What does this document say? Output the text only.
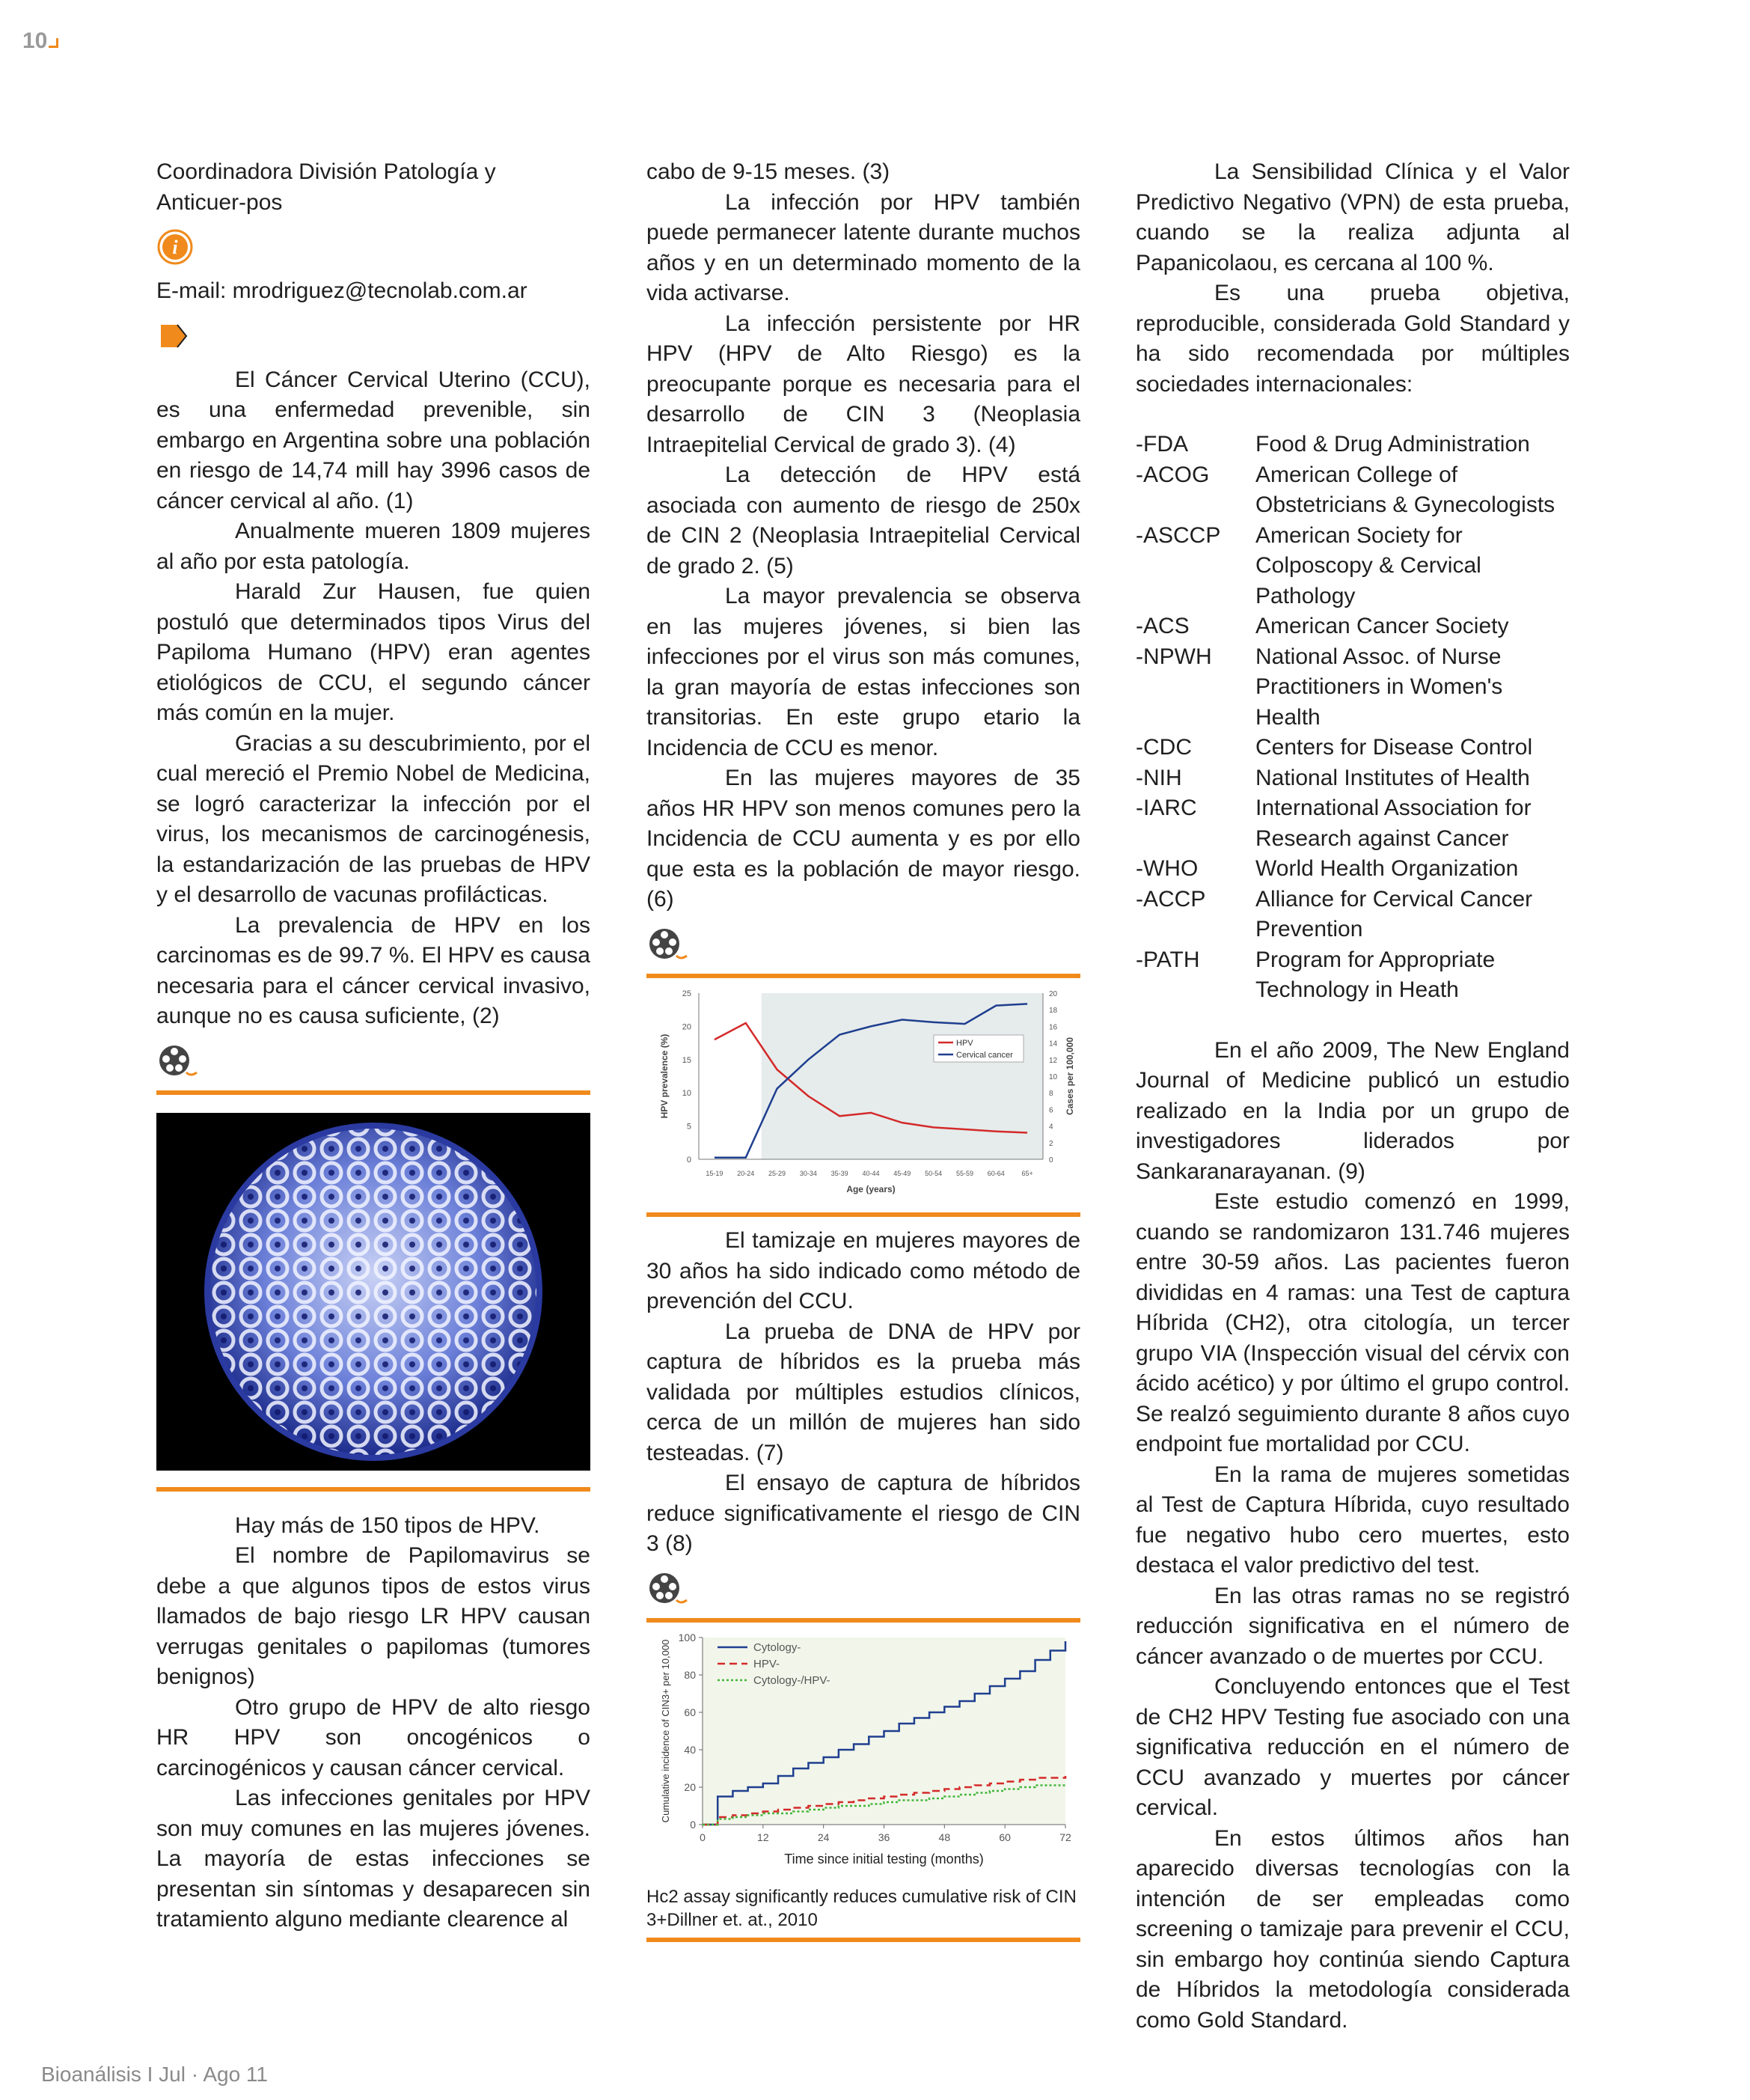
10

Coordinadora División Patología y Anticuer-pos

i

E-mail: mrodriguez@tecnolab.com.ar

El Cáncer Cervical Uterino (CCU), es una enfermedad prevenible, sin embargo en Argentina sobre una población en riesgo de 14,74 mill hay 3996 casos de cáncer cervical al año. (1)

Anualmente mueren 1809 mujeres al año por esta patología.

Harald Zur Hausen, fue quien postuló que determinados tipos Virus del Papiloma Humano (HPV) eran agentes etiológicos de CCU, el segundo cáncer más común en la mujer.

Gracias a su descubrimiento, por el cual mereció el Premio Nobel de Medicina, se logró caracterizar la infección por el virus, los mecanismos de carcinogénesis, la estandarización de las pruebas de HPV y el desarrollo de vacunas profilácticas.

La prevalencia de HPV en los carcinomas es de 99.7 %. El HPV es causa necesaria para el cáncer cervical invasivo, aunque no es causa suficiente, (2)

Hay más de 150 tipos de HPV.

El nombre de Papilomavirus se debe a que algunos tipos de estos virus llamados de bajo riesgo LR HPV causan verrugas genitales o papilomas (tumores benignos)

Otro grupo de HPV de alto riesgo HR HPV son oncogénicos o carcinogénicos y causan cáncer cervical.

Las infecciones genitales por HPV son muy comunes en las mujeres jóvenes. La mayoría de estas infecciones se presentan sin síntomas y desaparecen sin tratamiento alguno mediante clearence al

cabo de 9-15 meses. (3)

La infección por HPV también puede permanecer latente durante muchos años y en un determinado momento de la vida activarse.

La infección persistente por HR HPV (HPV de Alto Riesgo) es la preocupante porque es necesaria para el desarrollo de CIN 3 (Neoplasia Intraepitelial Cervical de grado 3). (4)

La detección de HPV está asociada con aumento de riesgo de 250x de CIN 2 (Neoplasia Intraepitelial Cervical de grado 2. (5)

La mayor prevalencia se observa en las mujeres jóvenes, si bien las infecciones por el virus son más comunes, la gran mayoría de estas infecciones son transitorias. En este grupo etario la Incidencia de CCU es menor.

En las mujeres mayores de 35 años HR HPV son menos comunes pero la Incidencia de CCU aumenta y es por ello que esta es la población de mayor riesgo. (6)

0
5
10
15
20
25
0
2
4
6
8
10
12
14
16
18
20
15-19 20-24 25-29 30-34 35-39 40-44 45-49 50-54 55-59 60-64	65+
Age (years)
HPV prevalence (%)	Cases per 100,000
HPV
Cervical cancer

El tamizaje en mujeres mayores de 30 años ha sido indicado como método de prevención del CCU.

La prueba de DNA de HPV por captura de híbridos es la prueba más validada por múltiples estudios clínicos, cerca de un millón de mujeres han sido testeadas. (7)

El ensayo de captura de híbridos reduce significativamente el riesgo de CIN 3 (8)

0
20
40
60
80
100
0	12	24	36	48	60	72
Time since initial testing (months)
Cumulative incidence of CIN3+ per 10,000	Cytology-
HPV-
Cytology-/HPV-

Hc2 assay significantly reduces cumulative risk of CIN 3+Dillner et. at., 2010

La Sensibilidad Clínica y el Valor Predictivo Negativo (VPN) de esta prueba, cuando se la realiza adjunta al Papanicolaou, es cercana al 100 %.

Es una prueba objetiva, reproducible, considerada Gold Standard y ha sido recomendada por múltiples sociedades internacionales:

-FDA	Food & Drug Administration
-ACOG	American College of Obstetricians & Gynecologists
-ASCCP	American Society for Colposcopy & Cervical Pathology
-ACS	American Cancer Society
-NPWH	National Assoc. of Nurse Practitioners in Women's Health
-CDC	Centers for Disease Control
-NIH	National Institutes of Health
-IARC	International Association for Research against Cancer
-WHO	World Health Organization
-ACCP	Alliance for Cervical Cancer Prevention
-PATH	Program for Appropriate Technology in Heath

En el año 2009, The New England Journal of Medicine publicó un estudio realizado en la India por un grupo de investigadores liderados por Sankaranarayanan. (9)

Este estudio comenzó en 1999, cuando se randomizaron 131.746 mujeres entre 30-59 años. Las pacientes fueron divididas en 4 ramas: una Test de captura Híbrida (CH2), otra citología, un tercer grupo VIA (Inspección visual del cérvix con ácido acético) y por último el grupo control. Se realzó seguimiento durante 8 años cuyo endpoint fue mortalidad por CCU.

En la rama de mujeres sometidas al Test de Captura Híbrida, cuyo resultado fue negativo hubo cero muertes, esto destaca el valor predictivo del test.

En las otras ramas no se registró reducción significativa en el número de cáncer avanzado o de muertes por CCU.

Concluyendo entonces que el Test de CH2 HPV Testing fue asociado con una significativa reducción en el número de CCU avanzado y muertes por cáncer cervical.

En estos últimos años han aparecido diversas tecnologías con la intención de ser empleadas como screening o tamizaje para prevenir el CCU, sin embargo hoy continúa siendo Captura de Híbridos la metodología considerada como Gold Standard.

Bioanálisis I Jul · Ago 11
